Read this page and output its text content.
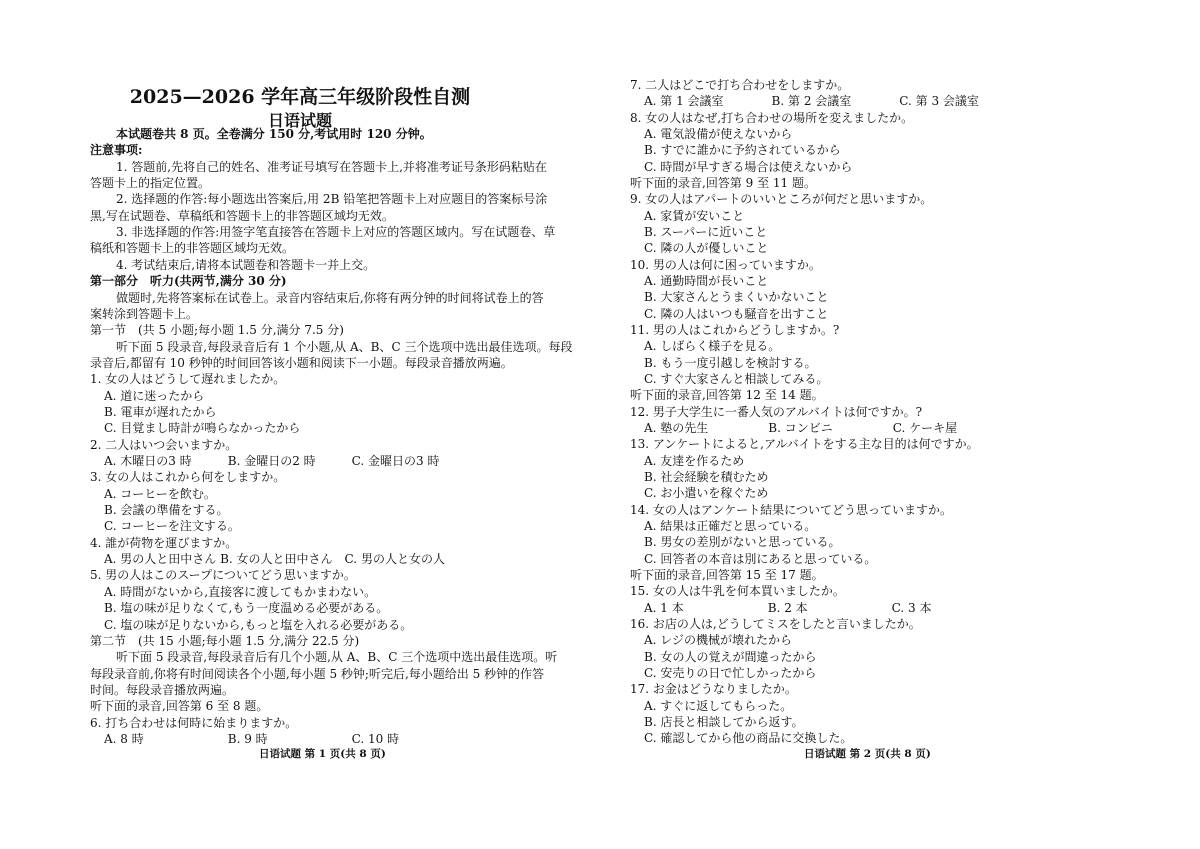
2025—2026 学年高三年级阶段性自测
日语试题
本试题卷共 8 页。全卷满分 150 分,考试用时 120 分钟。
注意事项:
1. 答题前,先将自己的姓名、准考证号填写在答题卡上,并将准考证号条形码粘贴在
答题卡上的指定位置。
2. 选择题的作答:每小题选出答案后,用 2B 铅笔把答题卡上对应题目的答案标号涂
黑,写在试题卷、草稿纸和答题卡上的非答题区域均无效。
3. 非选择题的作答:用签字笔直接答在答题卡上对应的答题区域内。写在试题卷、草
稿纸和答题卡上的非答题区域均无效。
4. 考试结束后,请将本试题卷和答题卡一并上交。
第一部分　听力(共两节,满分 30 分)
做题时,先将答案标在试卷上。录音内容结束后,你将有两分钟的时间将试卷上的答
案转涂到答题卡上。
第一节　(共 5 小题;每小题 1.5 分,满分 7.5 分)
听下面 5 段录音,每段录音后有 1 个小题,从 A、B、C 三个选项中选出最佳选项。每段
录音后,都留有 10 秒钟的时间回答该小题和阅读下一小题。每段录音播放两遍。
1. 女の人はどうして遅れましたか。
A. 道に迷ったから
B. 電車が遅れたから
C. 目覚まし時計が鳴らなかったから
2. 二人はいつ会いますか。
A. 木曜日の3 時　　　B. 金曜日の2 時　　　C. 金曜日の3 時
3. 女の人はこれから何をしますか。
A. コーヒーを飲む。
B. 会議の準備をする。
C. コーヒーを注文する。
4. 誰が荷物を運びますか。
A. 男の人と田中さん B. 女の人と田中さん　C. 男の人と女の人
5. 男の人はこのスープについてどう思いますか。
A. 時間がないから,直接客に渡してもかまわない。
B. 塩の味が足りなくて,もう一度温める必要がある。
C. 塩の味が足りないから,もっと塩を入れる必要がある。
第二节　(共 15 小题;每小题 1.5 分,满分 22.5 分)
听下面 5 段录音,每段录音后有几个小题,从 A、B、C 三个选项中选出最佳选项。听
每段录音前,你将有时间阅读各个小题,每小题 5 秒钟;听完后,每小题给出 5 秒钟的作答
时间。每段录音播放两遍。
听下面的录音,回答第 6 至 8 题。
6. 打ち合わせは何時に始まりますか。
A. 8 時　　　　　　　B. 9 時　　　　　　　C. 10 時
日语试题 第 1 页(共 8 页)
7. 二人はどこで打ち合わせをしますか。
A. 第 1 会議室　　　　B. 第 2 会議室　　　　C. 第 3 会議室
8. 女の人はなぜ,打ち合わせの場所を変えましたか。
A. 電気設備が使えないから
B. すでに誰かに予約されているから
C. 時間が早すぎる場合は使えないから
听下面的录音,回答第 9 至 11 题。
9. 女の人はアパートのいいところが何だと思いますか。
A. 家賃が安いこと
B. スーパーに近いこと
C. 隣の人が優しいこと
10. 男の人は何に困っていますか。
A. 通勤時間が長いこと
B. 大家さんとうまくいかないこと
C. 隣の人はいつも騒音を出すこと
11. 男の人はこれからどうしますか。?
A. しばらく様子を見る。
B. もう一度引越しを検討する。
C. すぐ大家さんと相談してみる。
听下面的录音,回答第 12 至 14 题。
12. 男子大学生に一番人気のアルバイトは何ですか。?
A. 塾の先生　　　　　B. コンビニ　　　　　C. ケーキ屋
13. アンケートによると,アルバイトをする主な目的は何ですか。
A. 友達を作るため
B. 社会経験を積むため
C. お小遣いを稼ぐため
14. 女の人はアンケート結果についてどう思っていますか。
A. 結果は正確だと思っている。
B. 男女の差別がないと思っている。
C. 回答者の本音は別にあると思っている。
听下面的录音,回答第 15 至 17 题。
15. 女の人は牛乳を何本買いましたか。
A. 1 本　　　　　　　B. 2 本　　　　　　　C. 3 本
16. お店の人は,どうしてミスをしたと言いましたか。
A. レジの機械が壊れたから
B. 女の人の覚えが間違ったから
C. 安売りの日で忙しかったから
17. お金はどうなりましたか。
A. すぐに返してもらった。
B. 店長と相談してから返す。
C. 確認してから他の商品に交換した。
日语试题 第 2 页(共 8 页)
